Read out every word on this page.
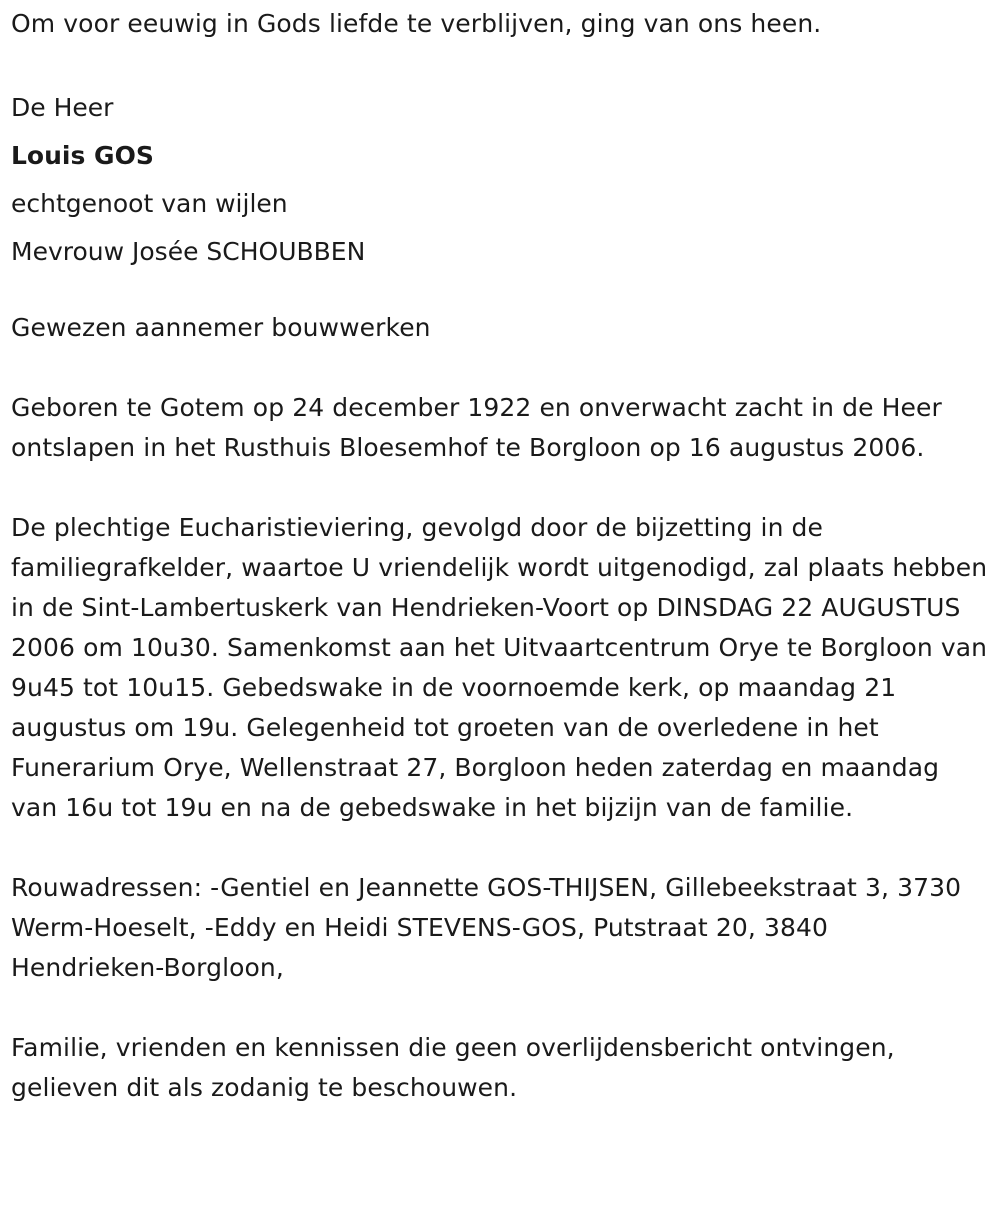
Om voor eeuwig in Gods liefde te verblijven, ging van ons heen.

De Heer
Louis GOS
echtgenoot van wijlen
Mevrouw Josée SCHOUBBEN

Gewezen aannemer bouwwerken

Geboren te Gotem op 24 december 1922 en onverwacht zacht in de Heer ontslapen in het Rusthuis Bloesemhof te Borgloon op 16 augustus 2006.

De plechtige Eucharistieviering, gevolgd door de bijzetting in de familiegrafkelder, waartoe U vriendelijk wordt uitgenodigd, zal plaats hebben in de Sint-Lambertuskerk van Hendrieken-Voort op DINSDAG 22 AUGUSTUS 2006 om 10u30. Samenkomst aan het Uitvaartcentrum Orye te Borgloon van 9u45 tot 10u15. Gebedswake in de voornoemde kerk, op maandag 21 augustus om 19u. Gelegenheid tot groeten van de overledene in het Funerarium Orye, Wellenstraat 27, Borgloon heden zaterdag en maandag van 16u tot 19u en na de gebedswake in het bijzijn van de familie.

Rouwadressen: -Gentiel en Jeannette GOS-THIJSEN, Gillebeekstraat 3, 3730 Werm-Hoeselt, -Eddy en Heidi STEVENS-GOS, Putstraat 20, 3840 Hendrieken-Borgloon,

Familie, vrienden en kennissen die geen overlijdensbericht ontvingen, gelieven dit als zodanig te beschouwen.
